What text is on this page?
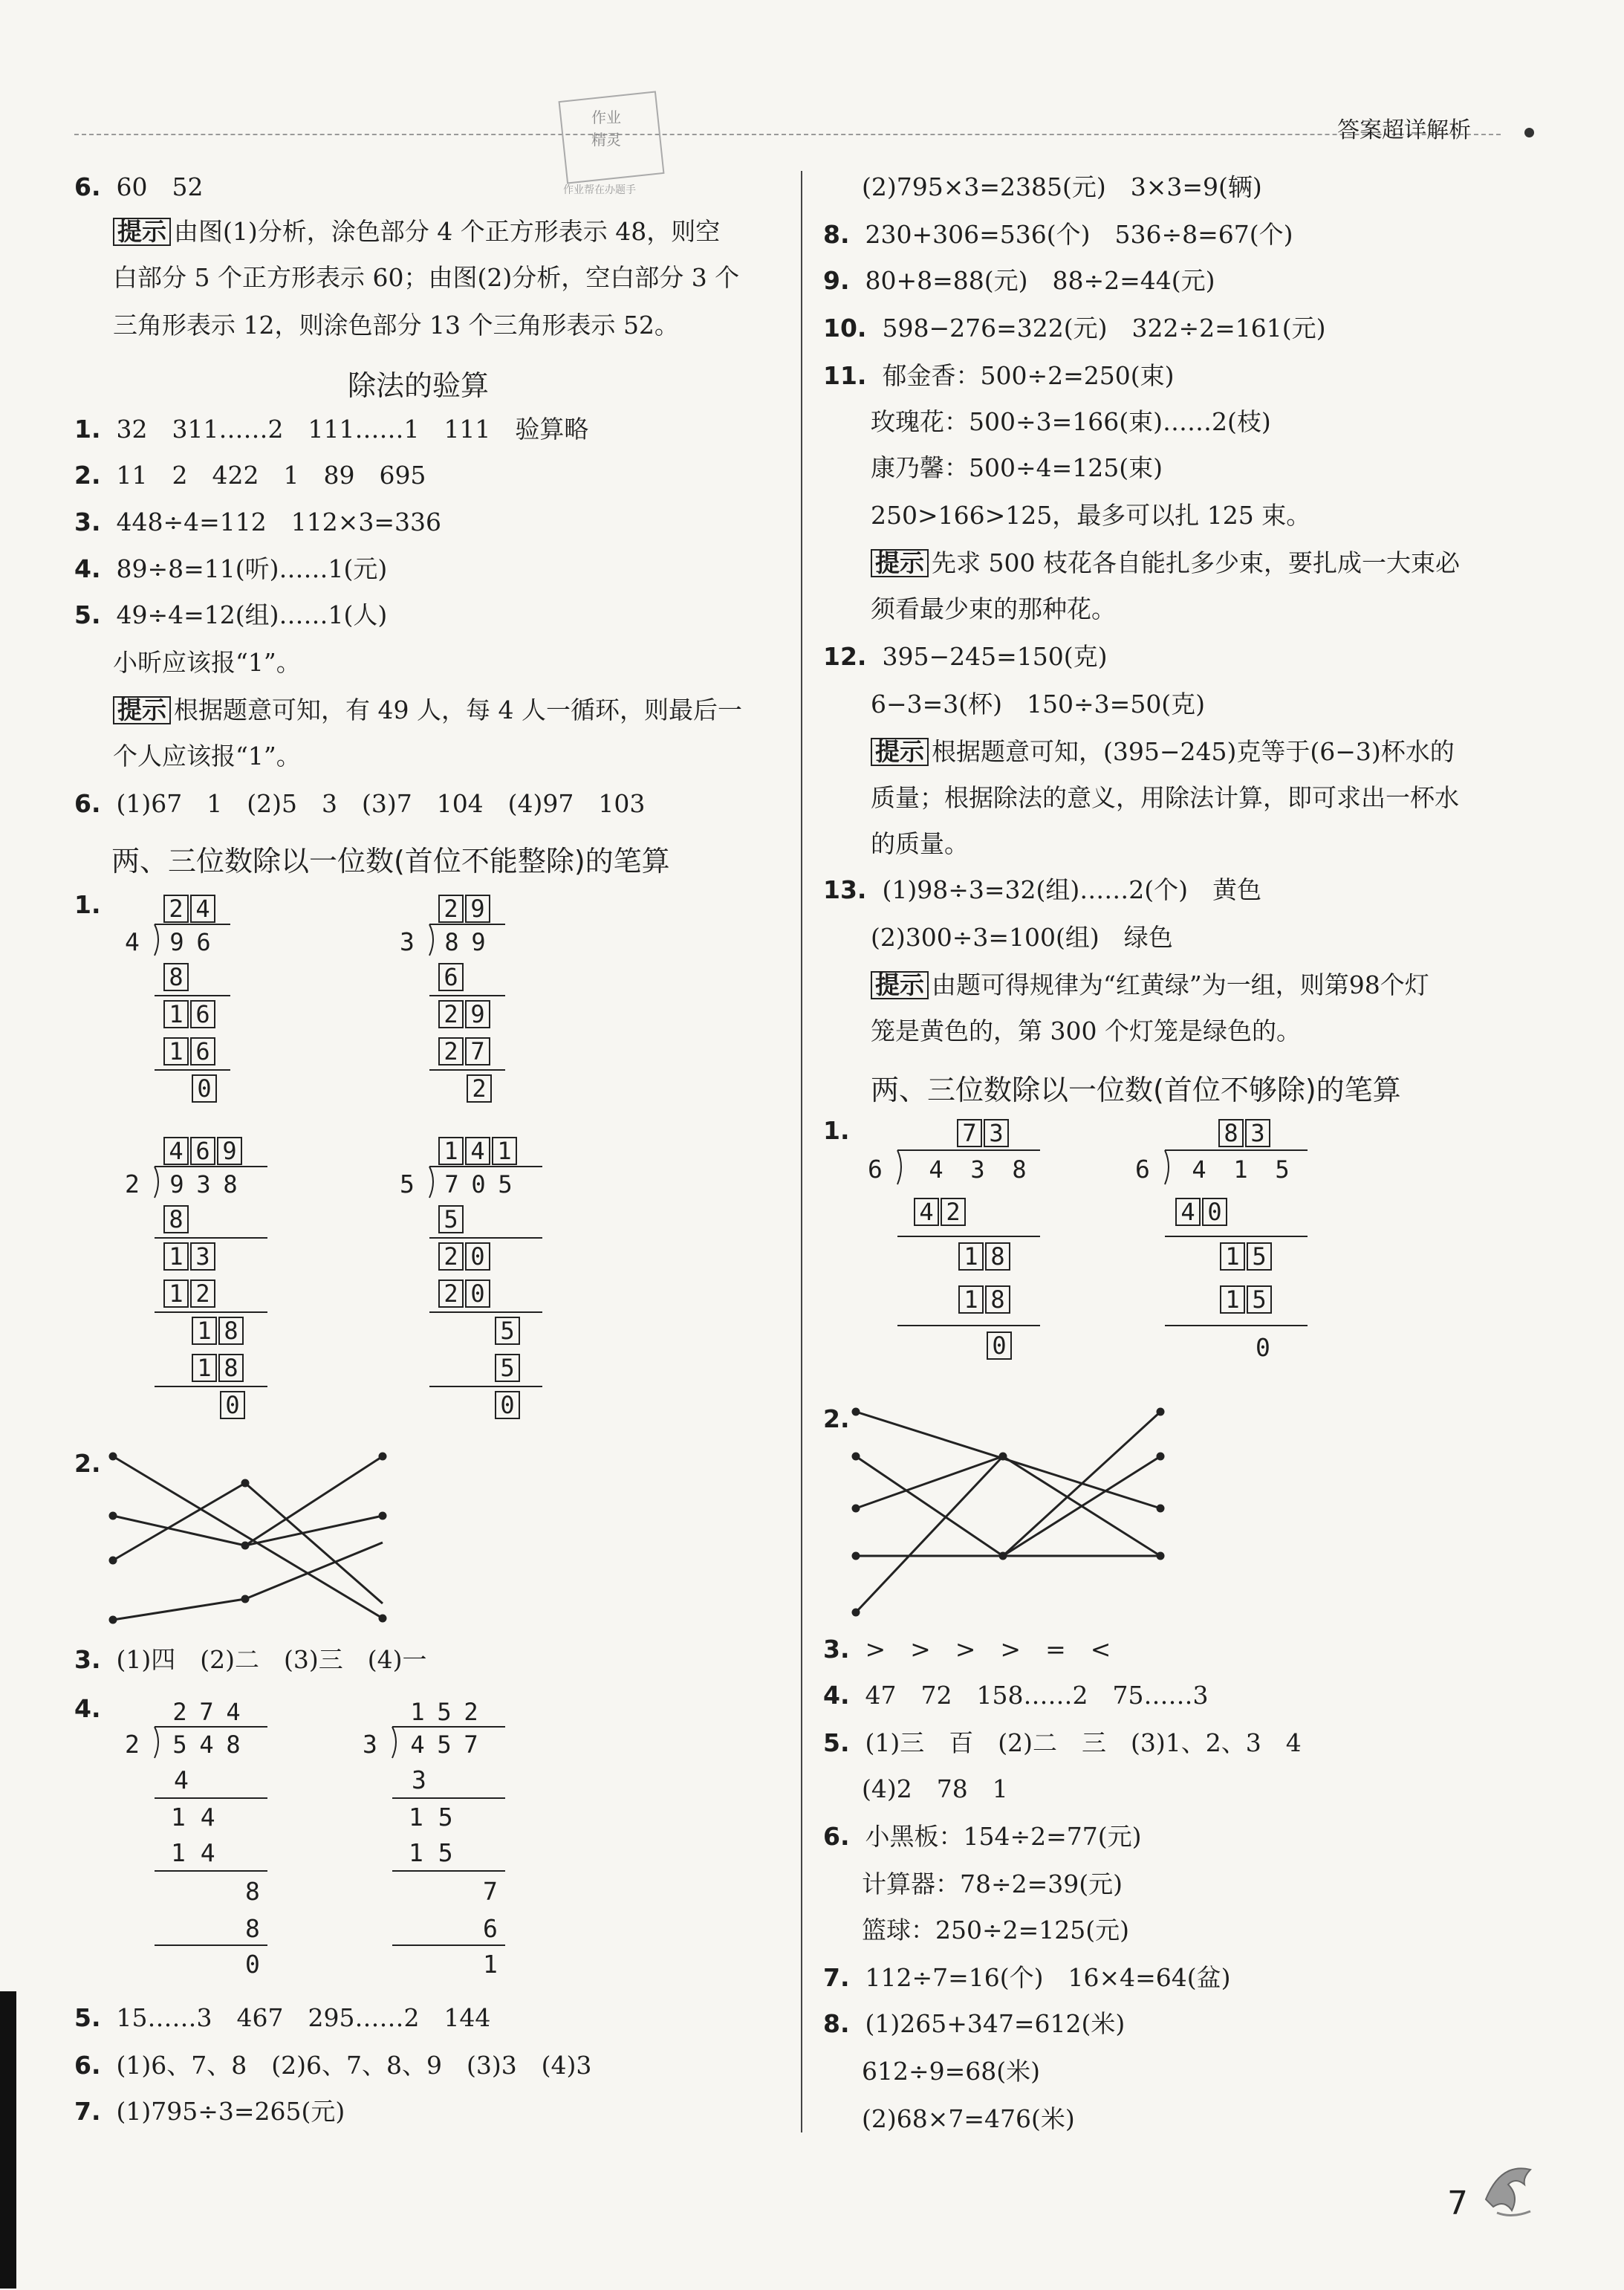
作业
精灵
作业帮在办题手
答案超详解析
6. 60　52
提示 由图(1)分析，涂色部分 4 个正方形表示 48，则空
白部分 5 个正方形表示 60；由图(2)分析，空白部分 3 个
三角形表示 12，则涂色部分 13 个三角形表示 52。
除法的验算
1. 32　311……2　111……1　111　验算略
2. 11　2　422　1　89　695
3. 448÷4=112　112×3=336
4. 89÷8=11(听)……1(元)
5. 49÷4=12(组)……1(人)
小昕应该报“1”。
提示 根据题意可知，有 49 人，每 4 人一循环，则最后一
个人应该报“1”。
6. (1)67　1　(2)5　3　(3)7　104　(4)97　103
两、三位数除以一位数(首位不能整除)的笔算
1.	2 4
4 9 6
8
1 6
1 6
0
2 9
3 8 9
6
2 9
2 7
2
4 6 9
2 9 3 8
8
1 3
1 2
1 8
1 8
0
1 4 1
5 7 0 5
5
2 0
2 0
5
5
0
2.
3. (1)四　(2)二　(3)三　(4)一
4.	2 7 4
2 5 4 8
4
1 4
1 4
8
8
0
1 5 2
3 4 5 7
3
1 5
1 5
7
6
1
5. 15……3　467　295……2　144
6. (1)6、7、8　(2)6、7、8、9　(3)3　(4)3
7. (1)795÷3=265(元)
(2)795×3=2385(元)　3×3=9(辆)
8. 230+306=536(个)　536÷8=67(个)
9. 80+8=88(元)　88÷2=44(元)
10. 598−276=322(元)　322÷2=161(元)
11. 郁金香：500÷2=250(束)
玫瑰花：500÷3=166(束)……2(枝)
康乃馨：500÷4=125(束)
250>166>125，最多可以扎 125 束。
提示 先求 500 枝花各自能扎多少束，要扎成一大束必
须看最少束的那种花。
12. 395−245=150(克)
6−3=3(杯)　150÷3=50(克)
提示 根据题意可知，(395−245)克等于(6−3)杯水的
质量；根据除法的意义，用除法计算，即可求出一杯水
的质量。
13. (1)98÷3=32(组)……2(个)　黄色
(2)300÷3=100(组)　绿色
提示 由题可得规律为“红黄绿”为一组，则第98个灯
笼是黄色的，第 300 个灯笼是绿色的。
两、三位数除以一位数(首位不够除)的笔算
1.	7 3
6	4	3	8
4 2
1 8
1 8
0
8 3
6	4	1	5
4 0
1 5
1 5
0
2.
3. >　>　>　>　=　<
4. 47　72　158……2　75……3
5. (1)三　百　(2)二　三　(3)1、2、3　4
(4)2　78　1
6. 小黑板：154÷2=77(元)
计算器：78÷2=39(元)
篮球：250÷2=125(元)
7. 112÷7=16(个)　16×4=64(盆)
8. (1)265+347=612(米)
612÷9=68(米)
(2)68×7=476(米)
7
